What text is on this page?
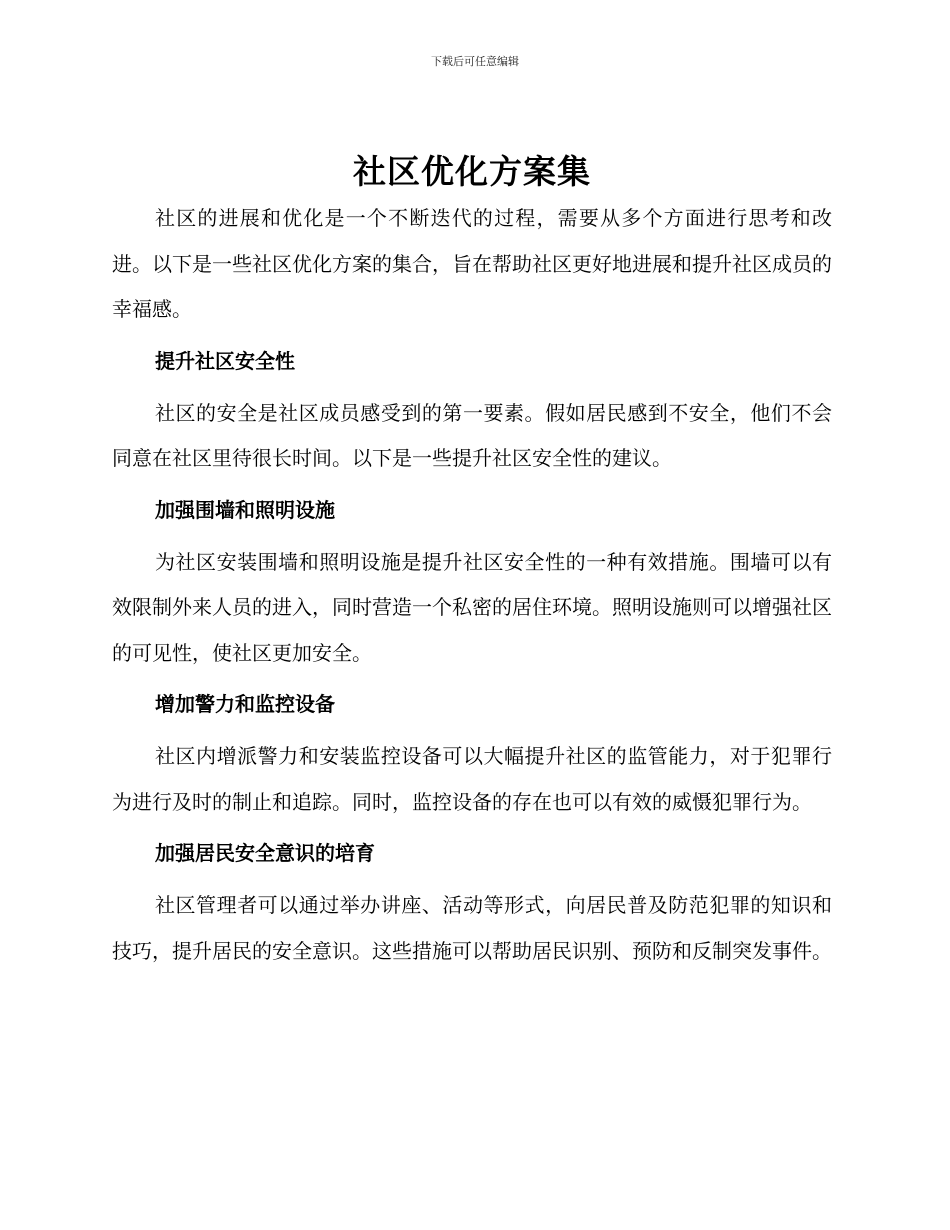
下载后可任意编辑
社区优化方案集

社区的进展和优化是一个不断迭代的过程，需要从多个方面进行思考和改进。以下是一些社区优化方案的集合，旨在帮助社区更好地进展和提升社区成员的幸福感。

提升社区安全性

社区的安全是社区成员感受到的第一要素。假如居民感到不安全，他们不会同意在社区里待很长时间。以下是一些提升社区安全性的建议。

加强围墙和照明设施

为社区安装围墙和照明设施是提升社区安全性的一种有效措施。围墙可以有效限制外来人员的进入，同时营造一个私密的居住环境。照明设施则可以增强社区的可见性，使社区更加安全。

增加警力和监控设备

社区内增派警力和安装监控设备可以大幅提升社区的监管能力，对于犯罪行为进行及时的制止和追踪。同时，监控设备的存在也可以有效的威慑犯罪行为。

加强居民安全意识的培育

社区管理者可以通过举办讲座、活动等形式，向居民普及防范犯罪的知识和技巧，提升居民的安全意识。这些措施可以帮助居民识别、预防和反制突发事件。
